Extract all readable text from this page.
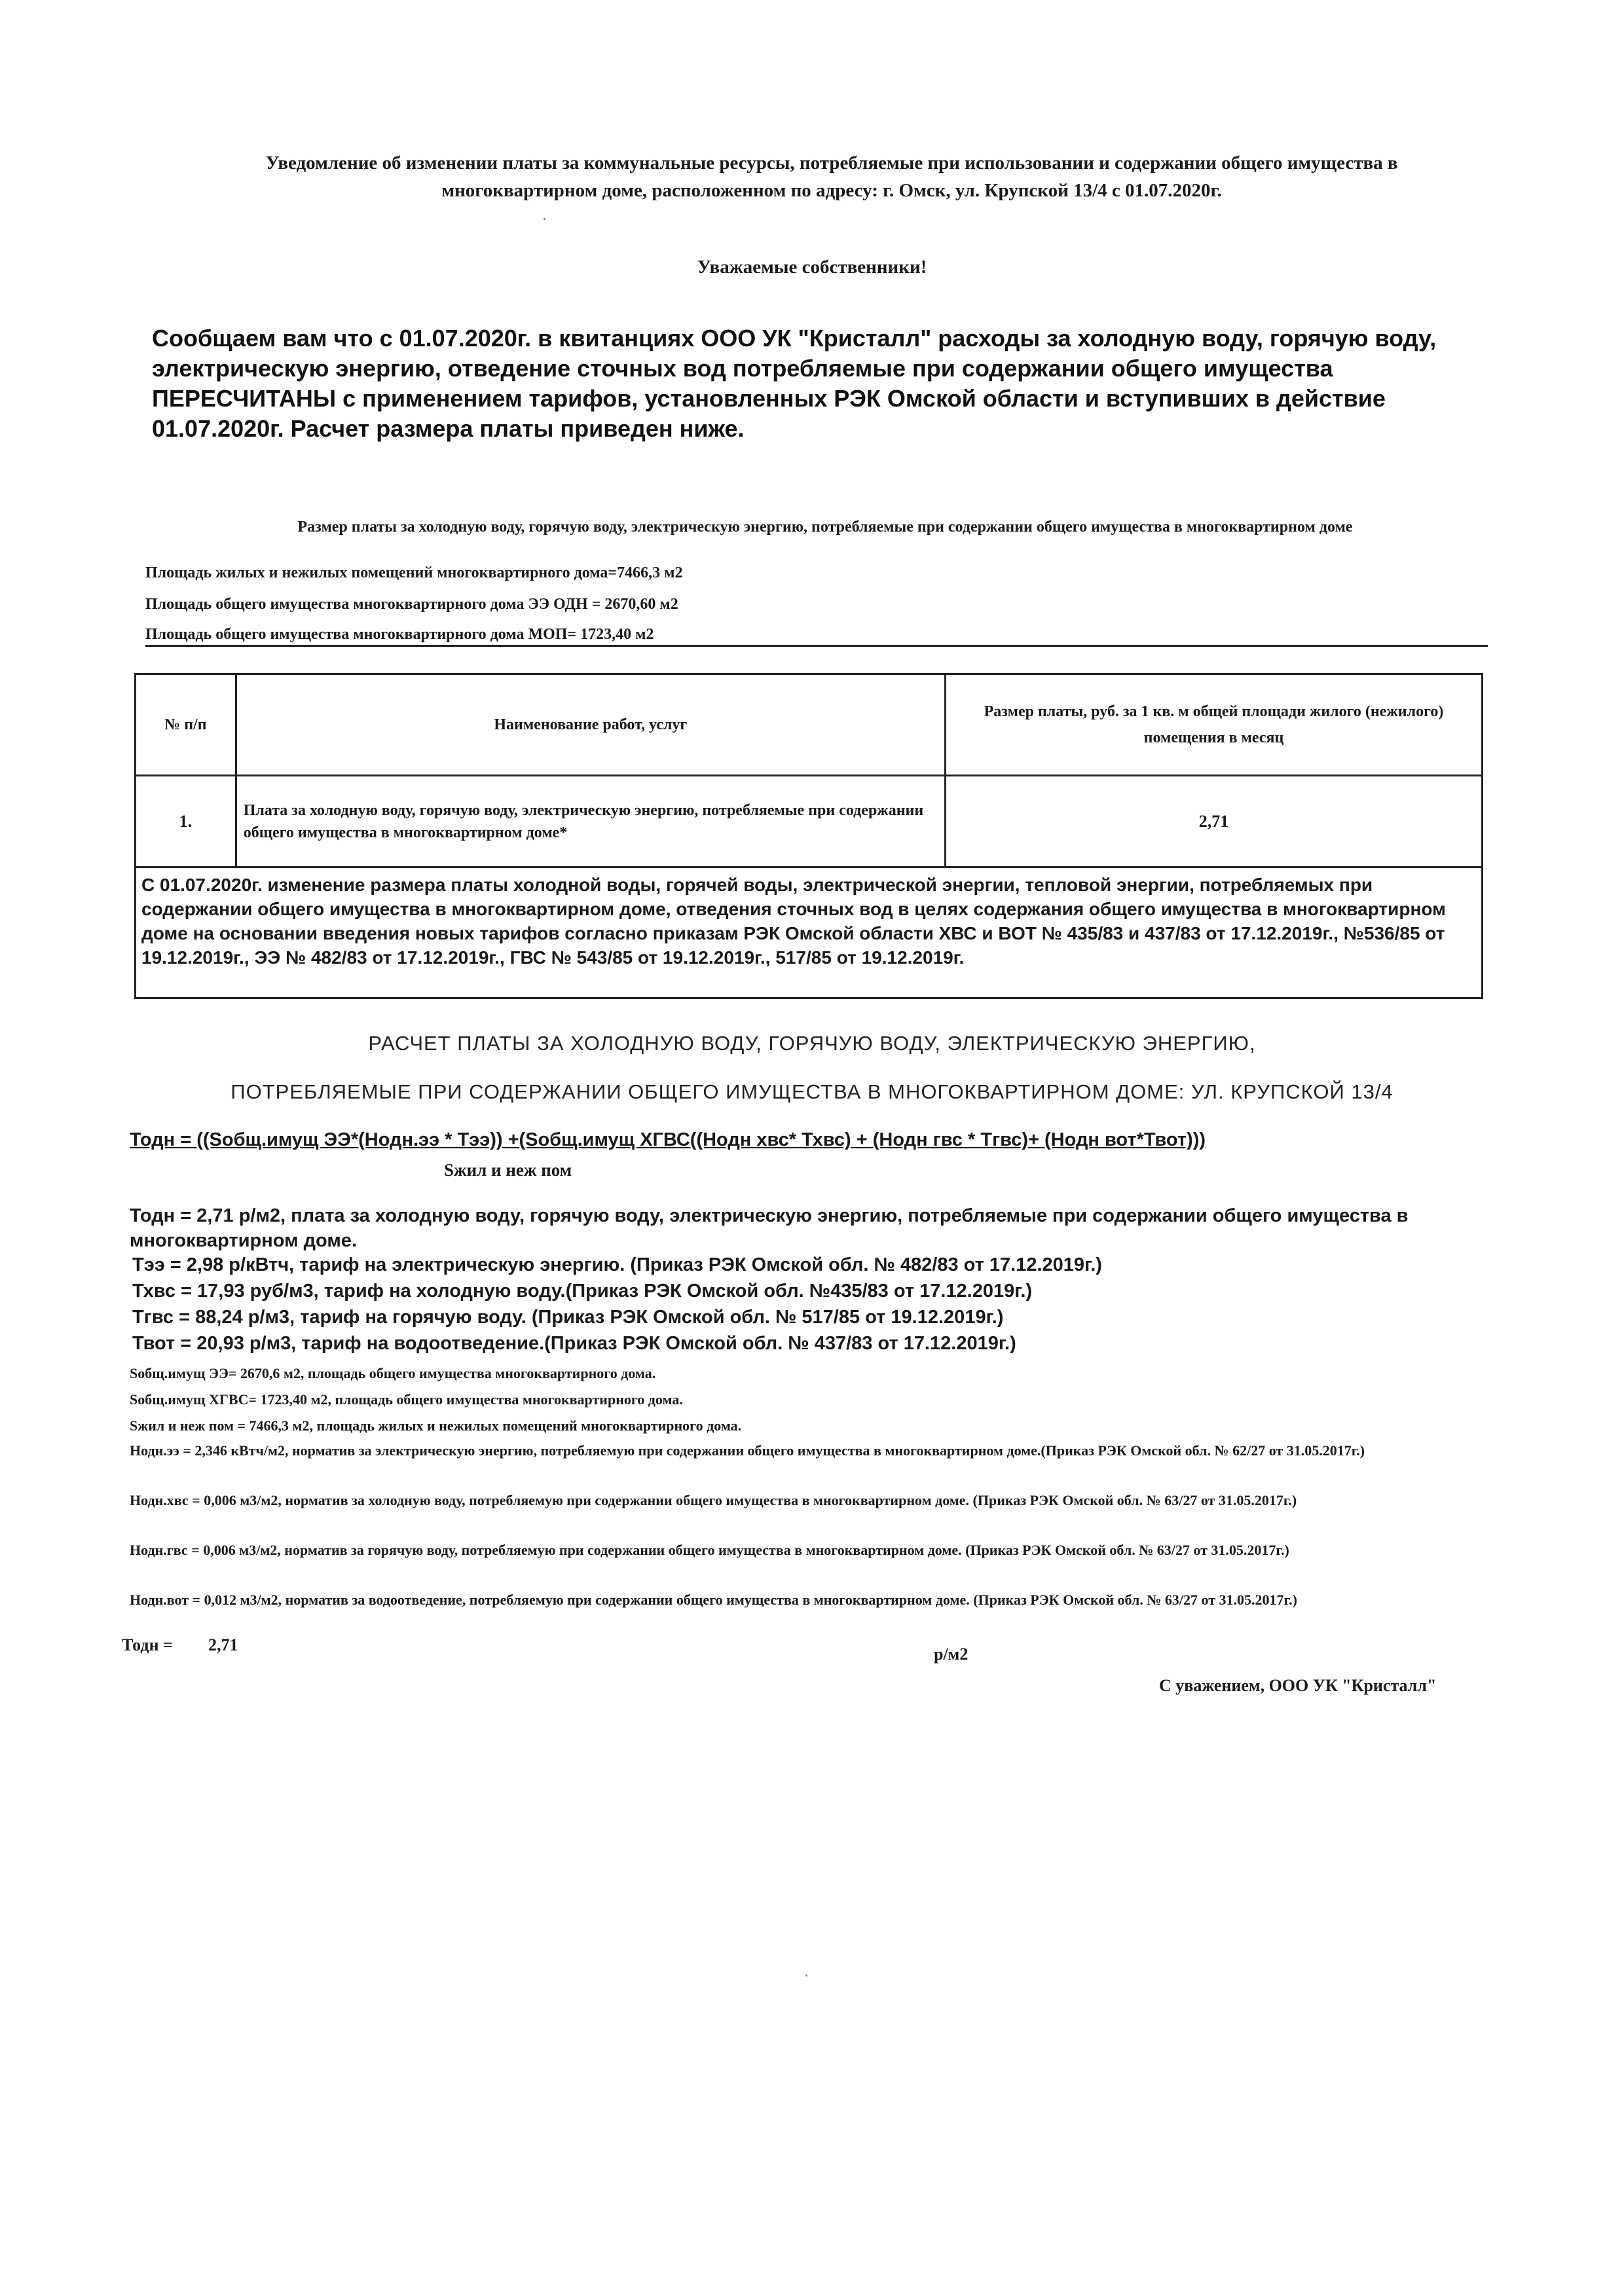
Уведомление об изменении платы за коммунальные ресурсы, потребляемые при использовании и содержании общего имущества в
многоквартирном доме, расположенном по адресу: г. Омск, ул. Крупской 13/4 с 01.07.2020г.
Уважаемые собственники!
Сообщаем вам что с 01.07.2020г. в квитанциях ООО УК "Кристалл" расходы за холодную воду, горячую воду,
электрическую энергию, отведение сточных вод потребляемые при содержании общего имущества
ПЕРЕСЧИТАНЫ с применением тарифов, установленных РЭК Омской области и вступивших в действие
01.07.2020г. Расчет размера платы приведен ниже.
Размер платы за холодную воду, горячую воду, электрическую энергию, потребляемые при содержании общего имущества в многоквартирном доме
Площадь жилых и нежилых помещений многоквартирного дома=7466,3 м2
Площадь общего имущества многоквартирного дома ЭЭ ОДН = 2670,60 м2
Площадь общего имущества многоквартирного дома МОП= 1723,40 м2
№ п/п	Наименование работ, услуг	Размер платы, руб. за 1 кв. м общей площади жилого (нежилого) помещения в месяц
1.	Плата за холодную воду, горячую воду, электрическую энергию, потребляемые при содержании общего имущества в многоквартирном доме*	2,71
С 01.07.2020г. изменение размера платы холодной воды, горячей воды, электрической энергии, тепловой энергии, потребляемых при содержании общего имущества в многоквартирном доме, отведения сточных вод в целях содержания общего имущества в многоквартирном доме на основании введения новых тарифов согласно приказам РЭК Омской области ХВС и ВОТ № 435/83 и 437/83 от 17.12.2019г., №536/85 от 19.12.2019г., ЭЭ № 482/83 от 17.12.2019г., ГВС № 543/85 от 19.12.2019г., 517/85 от 19.12.2019г.		
РАСЧЕТ ПЛАТЫ ЗА ХОЛОДНУЮ ВОДУ, ГОРЯЧУЮ ВОДУ, ЭЛЕКТРИЧЕСКУЮ ЭНЕРГИЮ,
ПОТРЕБЛЯЕМЫЕ ПРИ СОДЕРЖАНИИ ОБЩЕГО ИМУЩЕСТВА В МНОГОКВАРТИРНОМ ДОМЕ: УЛ. КРУПСКОЙ 13/4
Тодн = ((Sобщ.имущ ЭЭ*(Нодн.ээ * Тээ)) +(Sобщ.имущ ХГВС((Нодн хвс* Тхвс) + (Нодн гвс * Тгвс)+ (Нодн вот*Твот)))
Sжил и неж пом
Тодн = 2,71 р/м2, плата за холодную воду, горячую воду, электрическую энергию, потребляемые при содержании общего имущества в многоквартирном доме.
Тээ = 2,98 р/кВтч, тариф на электрическую энергию. (Приказ РЭК Омской обл. № 482/83 от 17.12.2019г.)
Тхвс = 17,93 руб/м3, тариф на холодную воду.(Приказ РЭК Омской обл. №435/83 от 17.12.2019г.)
Тгвс = 88,24 р/м3, тариф на горячую воду. (Приказ РЭК Омской обл. № 517/85 от 19.12.2019г.)
Твот = 20,93 р/м3, тариф на водоотведение.(Приказ РЭК Омской обл. № 437/83 от 17.12.2019г.)
Sобщ.имущ ЭЭ= 2670,6 м2, площадь общего имущества многоквартирного дома.
Sобщ.имущ ХГВС= 1723,40 м2, площадь общего имущества многоквартирного дома.
Sжил и неж пом = 7466,3 м2, площадь жилых и нежилых помещений многоквартирного дома.
Нодн.ээ = 2,346 кВтч/м2, норматив за электрическую энергию, потребляемую при содержании общего имущества в многоквартирном доме.(Приказ РЭК Омской обл. № 62/27 от 31.05.2017г.)
Нодн.хвс = 0,006 м3/м2, норматив за холодную воду, потребляемую при содержании общего имущества в многоквартирном доме. (Приказ РЭК Омской обл. № 63/27 от 31.05.2017г.)
Нодн.гвс = 0,006 м3/м2, норматив за горячую воду, потребляемую при содержании общего имущества в многоквартирном доме. (Приказ РЭК Омской обл. № 63/27 от 31.05.2017г.)
Нодн.вот = 0,012 м3/м2, норматив за водоотведение, потребляемую при содержании общего имущества в многоквартирном доме. (Приказ РЭК Омской обл. № 63/27 от 31.05.2017г.)
Тодн = 2,71	р/м2
С уважением, ООО УК "Кристалл"
